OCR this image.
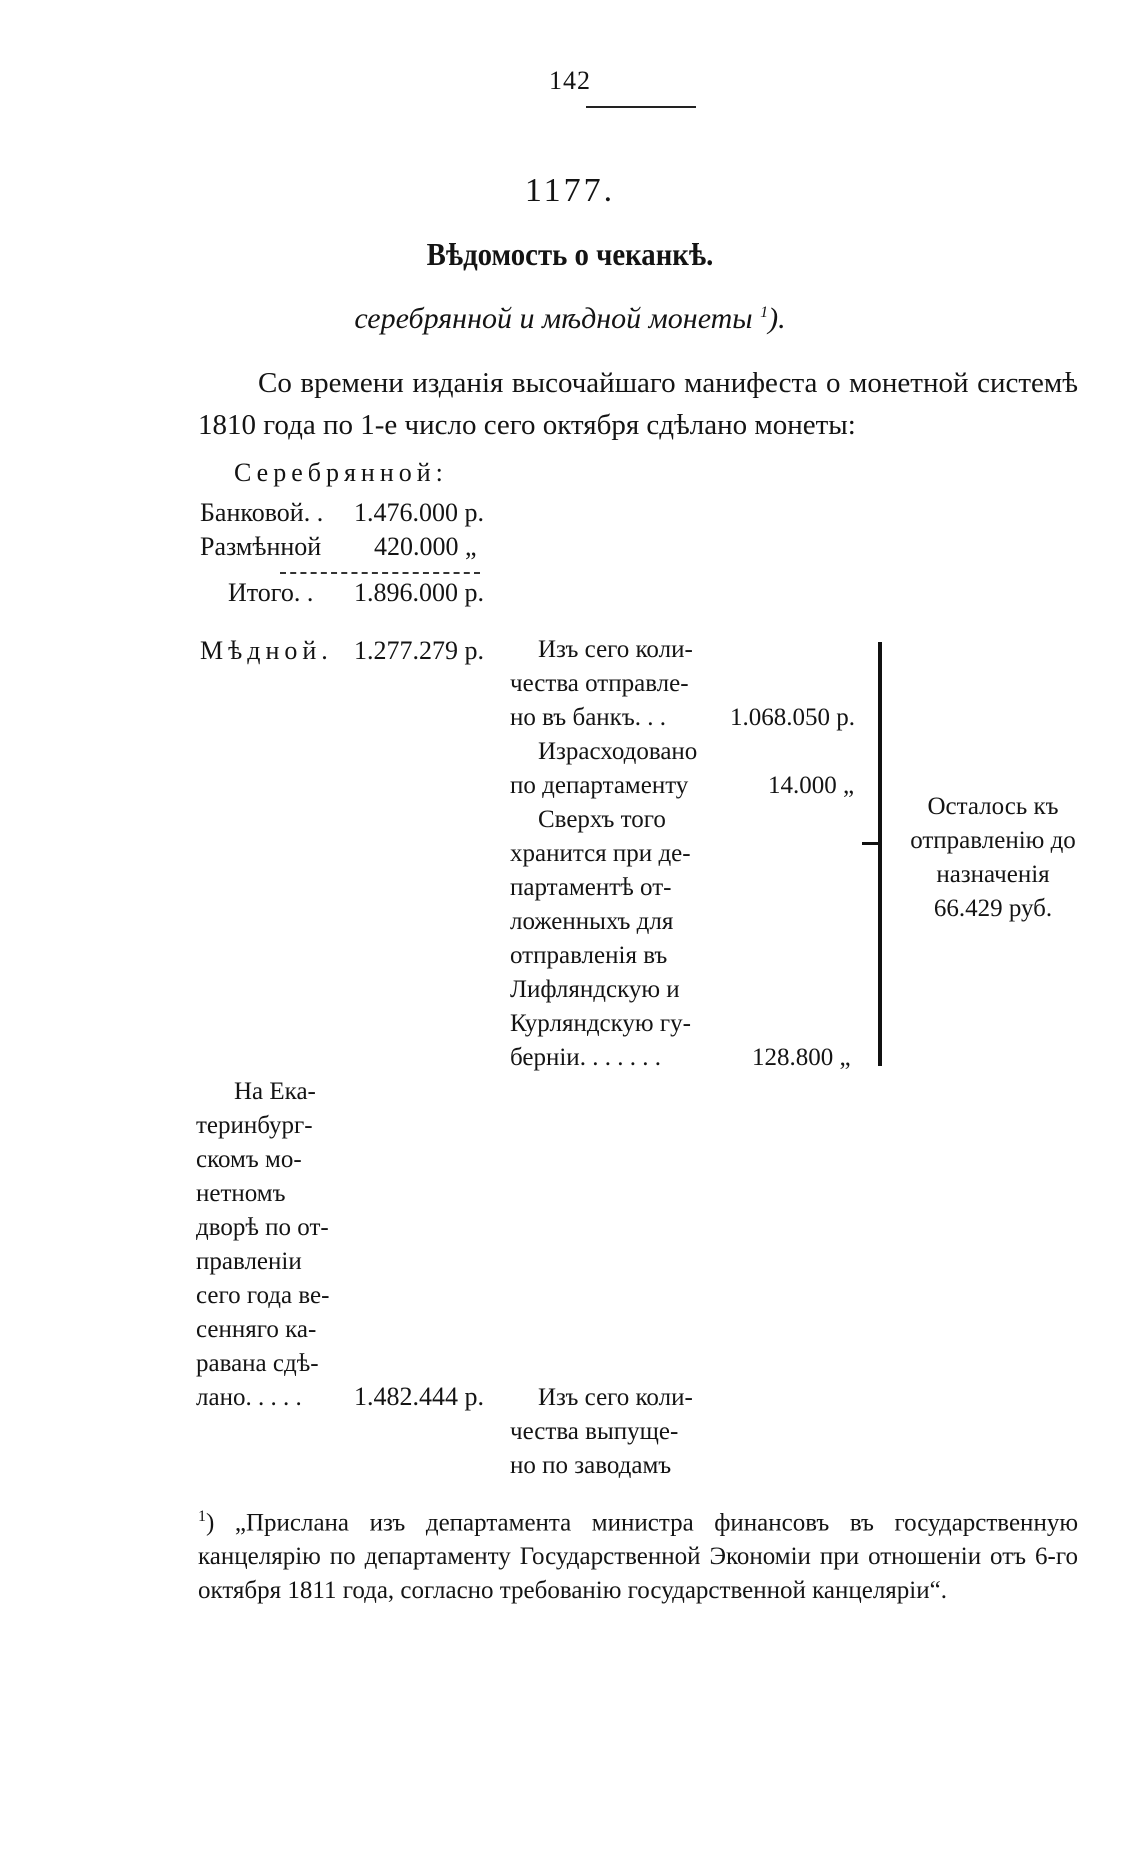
142
1177.
Вѣдомость о чеканкѣ.
серебрянной и мѣдной монеты $^1$).
Со времени изданія высочайшаго манифеста о монетной системѣ 1810 года по 1-е число сего октября сдѣлано монеты:
Серебрянной:
Банковой. . 1.476.000 р.
Размѣнной 420.000 „
Итого. . 1.896.000 р.
Мѣдной. 1.277.279 р. Изъ сего коли-
чества отправле-
но въ банкъ. . .	1.068.050 р.
Израсходовано
по департаменту	14.000 „
Сверхъ того
хранится при де-
партаментѣ от-
ложенныхъ для
отправленія въ
Лифляндскую и
Курляндскую гу-
берніи. . . . . . .	128.800 „
Осталось къ
отправленію до
назначенія
66.429 руб.
На Ека-
теринбург-
скомъ мо-
нетномъ
дворѣ по от-
правленіи
сего года ве-
сенняго ка-
равана сдѣ-
лано. . . . . 1.482.444 р. Изъ сего коли-
чества выпуще-
но по заводамъ
$^1$) „Прислана изъ департамента министра финансовъ въ государственную канцелярію по департаменту Государственной Экономіи при отношеніи отъ 6-го октября 1811 года, согласно требованію государственной канцеляріи“.
